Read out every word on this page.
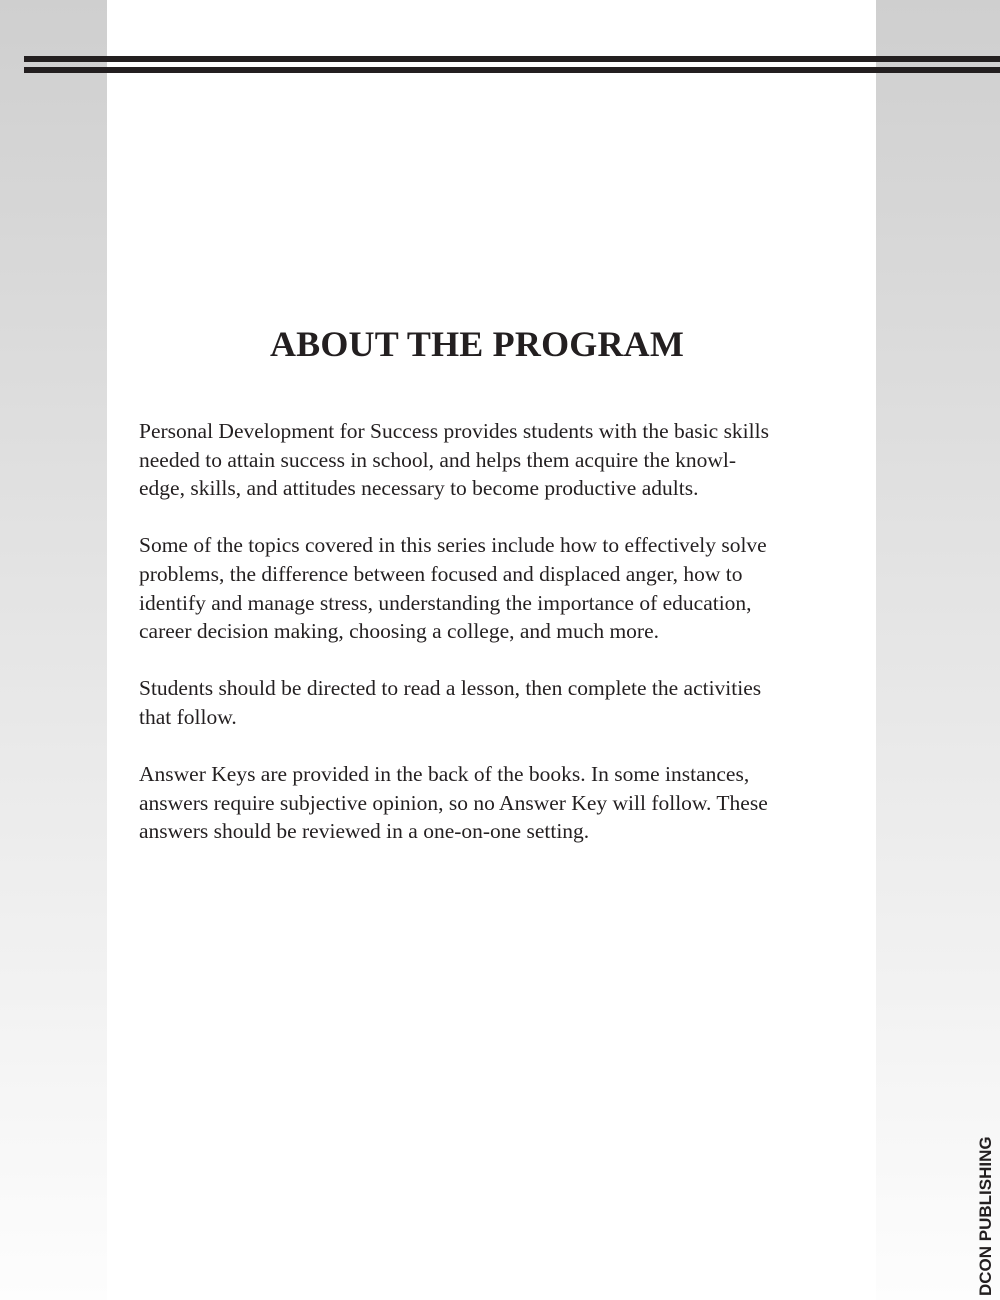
ABOUT THE PROGRAM

Personal Development for Success provides students with the basic skills
needed to attain success in school, and helps them acquire the knowl-
edge, skills, and attitudes necessary to become productive adults.

Some of the topics covered in this series include how to effectively solve
problems, the difference between focused and displaced anger, how to
identify and manage stress, understanding the importance of education,
career decision making, choosing a college, and much more.

Students should be directed to read a lesson, then complete the activities
that follow.

Answer Keys are provided in the back of the books. In some instances,
answers require subjective opinion, so no Answer Key will follow. These
answers should be reviewed in a one-on-one setting.

DCON PUBLISHING
